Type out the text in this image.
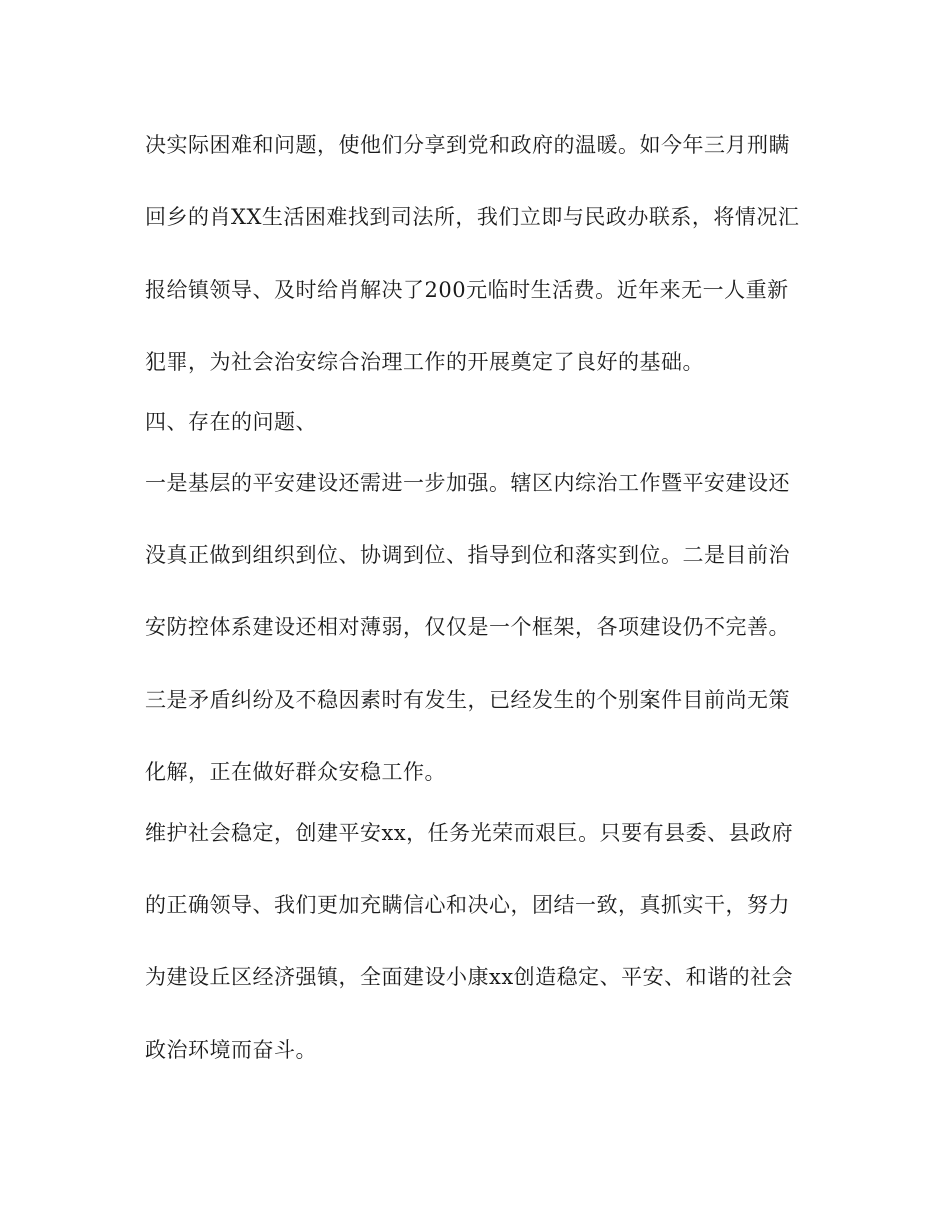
决实际困难和问题，使他们分享到党和政府的温暖。如今年三月刑瞒
回乡的肖XX生活困难找到司法所，我们立即与民政办联系，将情况汇
报给镇领导、及时给肖解决了200元临时生活费。近年来无一人重新
犯罪，为社会治安综合治理工作的开展奠定了良好的基础。
四、存在的问题、
一是基层的平安建设还需进一步加强。辖区内综治工作暨平安建设还
没真正做到组织到位、协调到位、指导到位和落实到位。二是目前治
安防控体系建设还相对薄弱，仅仅是一个框架，各项建设仍不完善。
三是矛盾纠纷及不稳因素时有发生，已经发生的个别案件目前尚无策
化解，正在做好群众安稳工作。
维护社会稳定，创建平安xx，任务光荣而艰巨。只要有县委、县政府
的正确领导、我们更加充瞒信心和决心，团结一致，真抓实干，努力
为建设丘区经济强镇，全面建设小康xx创造稳定、平安、和谐的社会
政治环境而奋斗。
